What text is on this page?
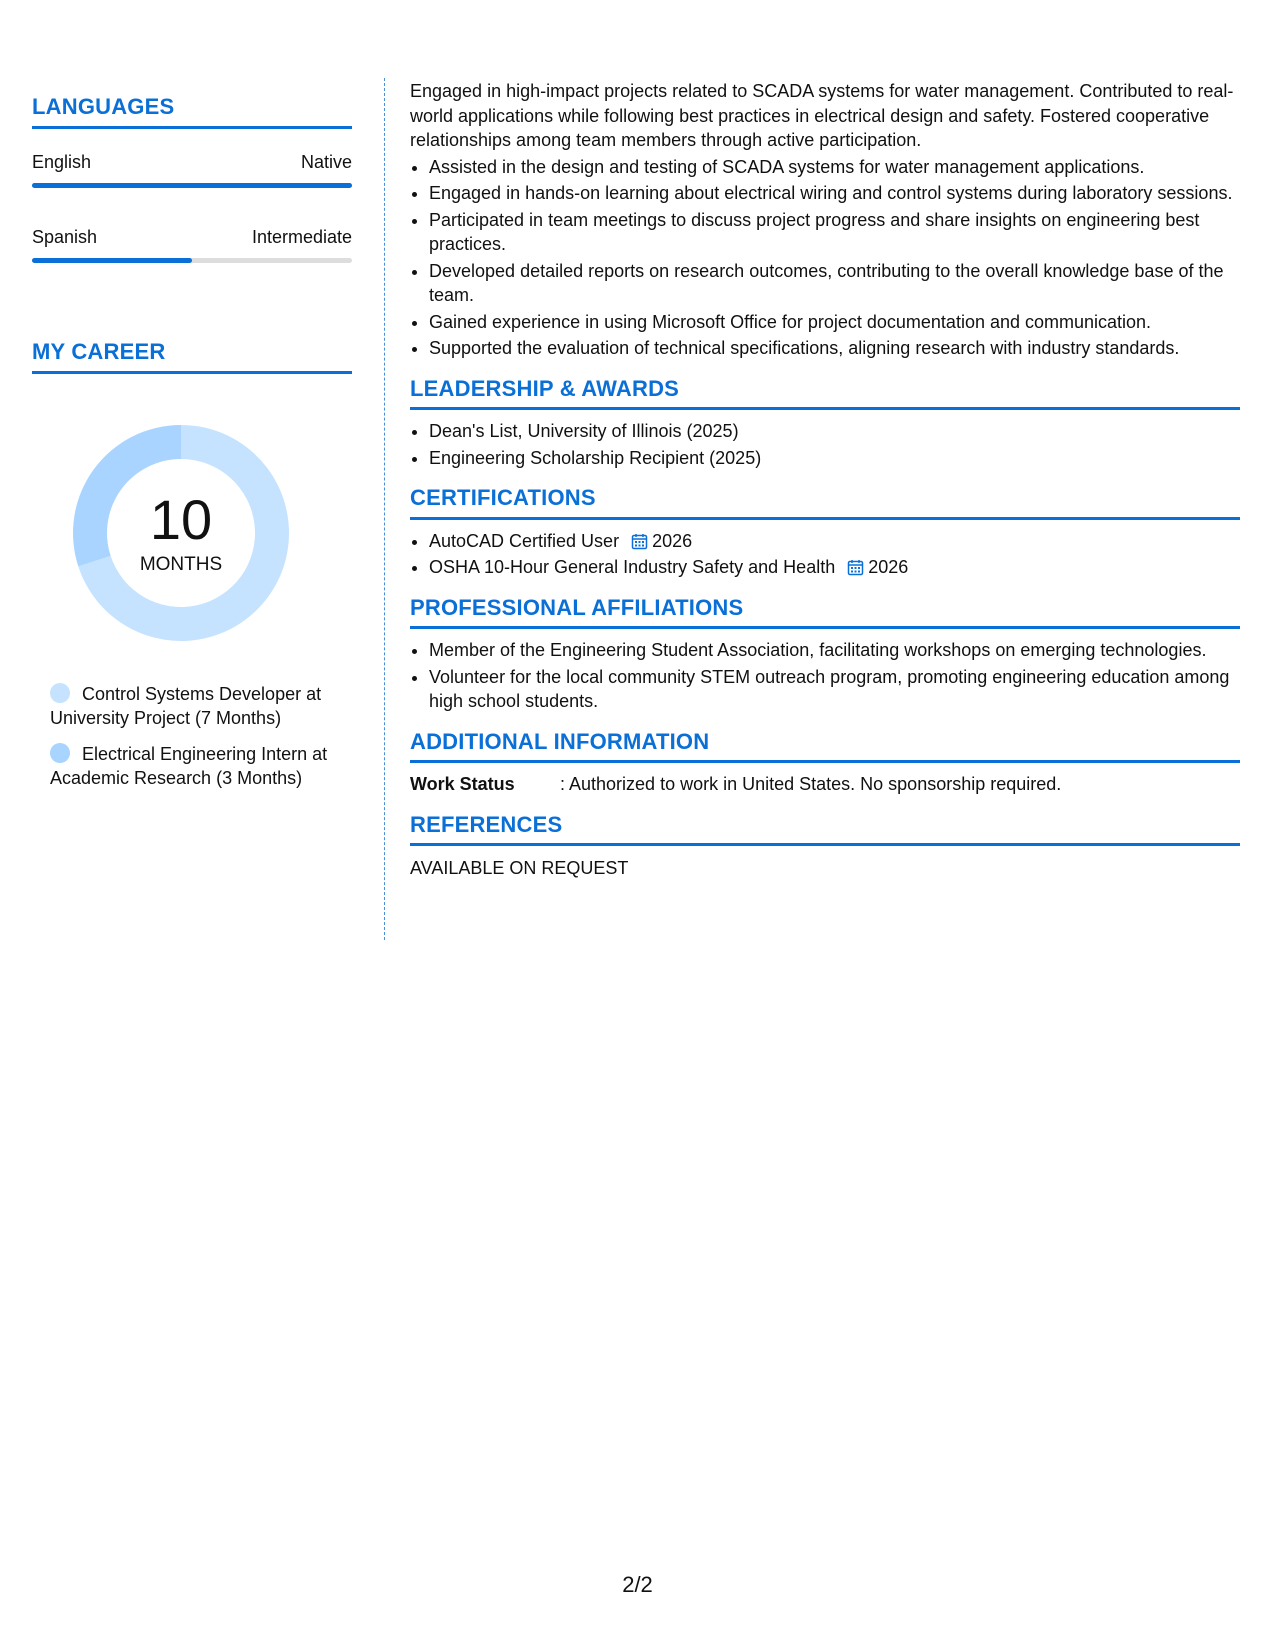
LANGUAGES
English	Native
Spanish	Intermediate
MY CAREER
10
MONTHS
Control Systems Developer at University Project (7 Months)
Electrical Engineering Intern at Academic Research (3 Months)

Engaged in high-impact projects related to SCADA systems for water management. Contributed to real-world applications while following best practices in electrical design and safety. Fostered cooperative relationships among team members through active participation.

• Assisted in the design and testing of SCADA systems for water management applications.
• Engaged in hands-on learning about electrical wiring and control systems during laboratory sessions.
• Participated in team meetings to discuss project progress and share insights on engineering best practices.
• Developed detailed reports on research outcomes, contributing to the overall knowledge base of the team.
• Gained experience in using Microsoft Office for project documentation and communication.
• Supported the evaluation of technical specifications, aligning research with industry standards.
LEADERSHIP & AWARDS
• Dean's List, University of Illinois (2025)
• Engineering Scholarship Recipient (2025)
CERTIFICATIONS
• AutoCAD Certified User 2026
• OSHA 10-Hour General Industry Safety and Health 2026
PROFESSIONAL AFFILIATIONS
• Member of the Engineering Student Association, facilitating workshops on emerging technologies.
• Volunteer for the local community STEM outreach program, promoting engineering education among high school students.
ADDITIONAL INFORMATION
Work Status	: Authorized to work in United States. No sponsorship required.
REFERENCES
AVAILABLE ON REQUEST
2/2
